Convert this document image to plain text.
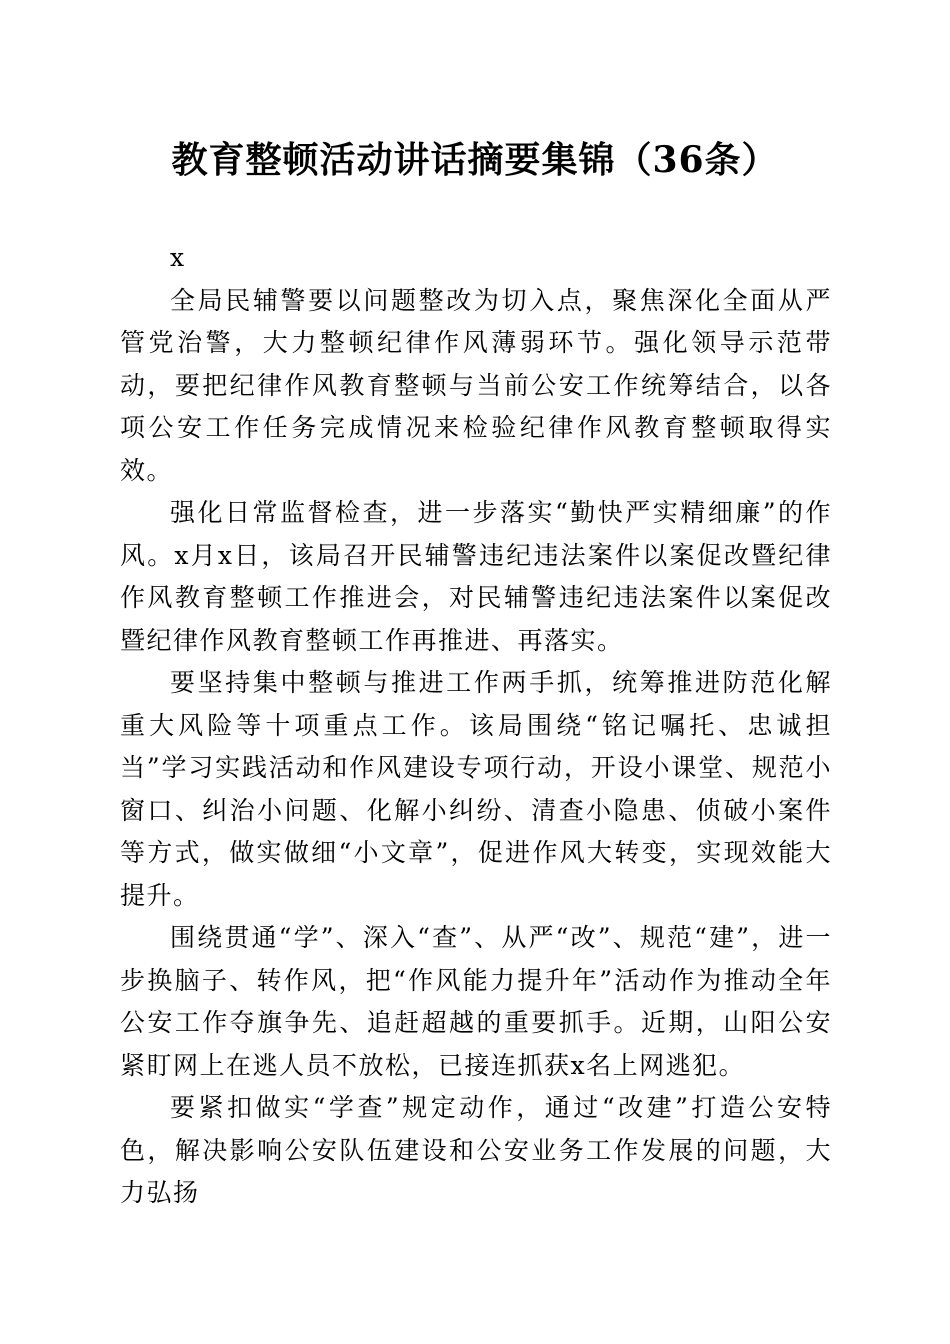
教育整顿活动讲话摘要集锦（36条）

x

全局民辅警要以问题整改为切入点，聚焦深化全面从严管党治警，大力整顿纪律作风薄弱环节。强化领导示范带动，要把纪律作风教育整顿与当前公安工作统筹结合，以各项公安工作任务完成情况来检验纪律作风教育整顿取得实效。

强化日常监督检查，进一步落实“勤快严实精细廉”的作风。x月x日，该局召开民辅警违纪违法案件以案促改暨纪律作风教育整顿工作推进会，对民辅警违纪违法案件以案促改暨纪律作风教育整顿工作再推进、再落实。

要坚持集中整顿与推进工作两手抓，统筹推进防范化解重大风险等十项重点工作。该局围绕“铭记嘱托、忠诚担当”学习实践活动和作风建设专项行动，开设小课堂、规范小窗口、纠治小问题、化解小纠纷、清查小隐患、侦破小案件等方式，做实做细“小文章”，促进作风大转变，实现效能大提升。

围绕贯通“学”、深入“查”、从严“改”、规范“建”，进一步换脑子、转作风，把“作风能力提升年”活动作为推动全年公安工作夺旗争先、追赶超越的重要抓手。近期，山阳公安紧盯网上在逃人员不放松，已接连抓获x名上网逃犯。

要紧扣做实“学查”规定动作，通过“改建”打造公安特色，解决影响公安队伍建设和公安业务工作发展的问题，大力弘扬
